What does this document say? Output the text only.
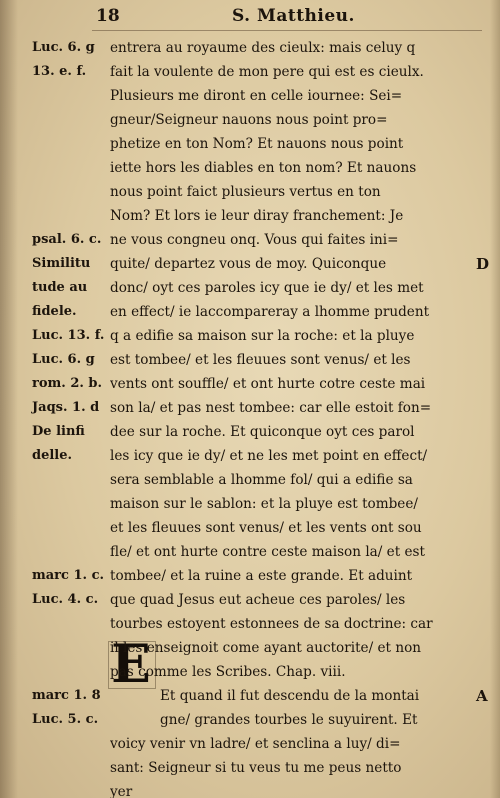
18	S. Matthieu.
Luc. 6. g
13. e. f.
psal. 6. c.
Similitu
tude au
fidele.
Luc. 13. f.
Luc. 6. g
rom. 2. b.
Jaqs. 1. d
De linfi
delle.
marc 1. c.
Luc. 4. c.
marc 1. 8
Luc. 5. c.
E
entrera au royaume des cieulx: mais celuy q
fait la voulente de mon pere qui est es cieulx.
Plusieurs me diront en celle iournee: Sei=
gneur/Seigneur nauons nous point pro=
phetize en ton Nom? Et nauons nous point
iette hors les diables en ton nom? Et nauons
nous point faict plusieurs vertus en ton
Nom? Et lors ie leur diray franchement: Je
ne vous congneu onq. Vous qui faites ini=
quite/ departez vous de moy. Quiconque
donc/ oyt ces paroles icy que ie dy/ et les met
en effect/ ie laccompareray a lhomme prudent
q a edifie sa maison sur la roche: et la pluye
est tombee/ et les fleuues sont venus/ et les
vents ont souffle/ et ont hurte cotre ceste mai
son la/ et pas nest tombee: car elle estoit fon=
dee sur la roche. Et quiconque oyt ces parol
les icy que ie dy/ et ne les met point en effect/
sera semblable a lhomme fol/ qui a edifie sa
maison sur le sablon: et la pluye est tombee/
et les fleuues sont venus/ et les vents ont sou
fle/ et ont hurte contre ceste maison la/ et est
tombee/ et la ruine a este grande. Et aduint
que quad Jesus eut acheue ces paroles/ les
tourbes estoyent estonnees de sa doctrine: car
il les enseignoit come ayant auctorite/ et non
pas comme les Scribes. Chap. viii.
Et quand il fut descendu de la montai
gne/ grandes tourbes le suyuirent. Et
voicy venir vn ladre/ et senclina a luy/ di=
sant: Seigneur si tu veus tu me peus netto
yer
D
A
